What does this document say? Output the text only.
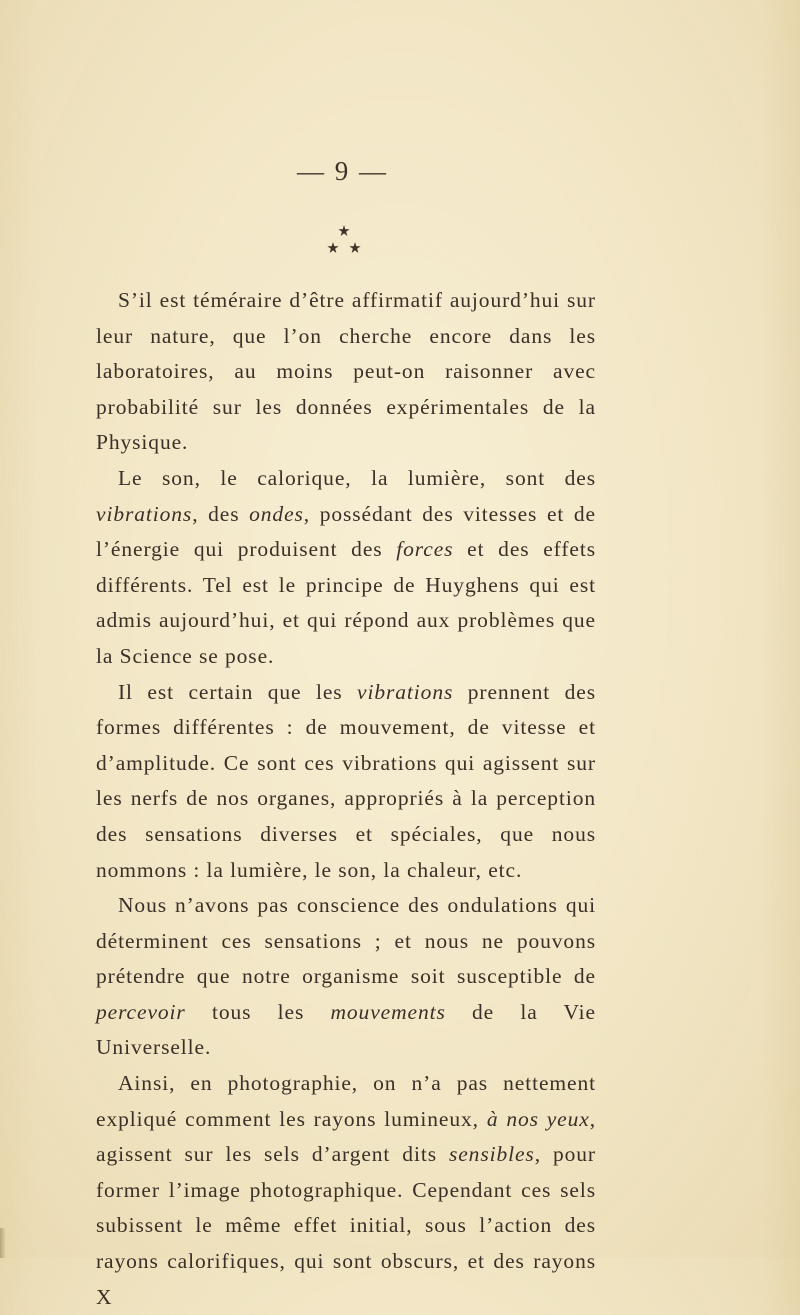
— 9 —

S’il est téméraire d’être affirmatif aujourd’hui sur leur nature, que l’on cherche encore dans les laboratoires, au moins peut-on raisonner avec probabilité sur les données expérimentales de la Physique.

Le son, le calorique, la lumière, sont des vibrations, des ondes, possédant des vitesses et de l’énergie qui produisent des forces et des effets différents. Tel est le principe de Huyghens qui est admis aujourd’hui, et qui répond aux problèmes que la Science se pose.

Il est certain que les vibrations prennent des formes différentes : de mouvement, de vitesse et d’amplitude. Ce sont ces vibrations qui agissent sur les nerfs de nos organes, appropriés à la perception des sensations diverses et spéciales, que nous nommons : la lumière, le son, la chaleur, etc.

Nous n’avons pas conscience des ondulations qui déterminent ces sensations ; et nous ne pouvons prétendre que notre organisme soit susceptible de percevoir tous les mouvements de la Vie Universelle.

Ainsi, en photographie, on n’a pas nettement expliqué comment les rayons lumineux, à nos yeux, agissent sur les sels d’argent dits sensibles, pour former l’image photographique. Cependant ces sels subissent le même effet initial, sous l’action des rayons calorifiques, qui sont obscurs, et des rayons X
